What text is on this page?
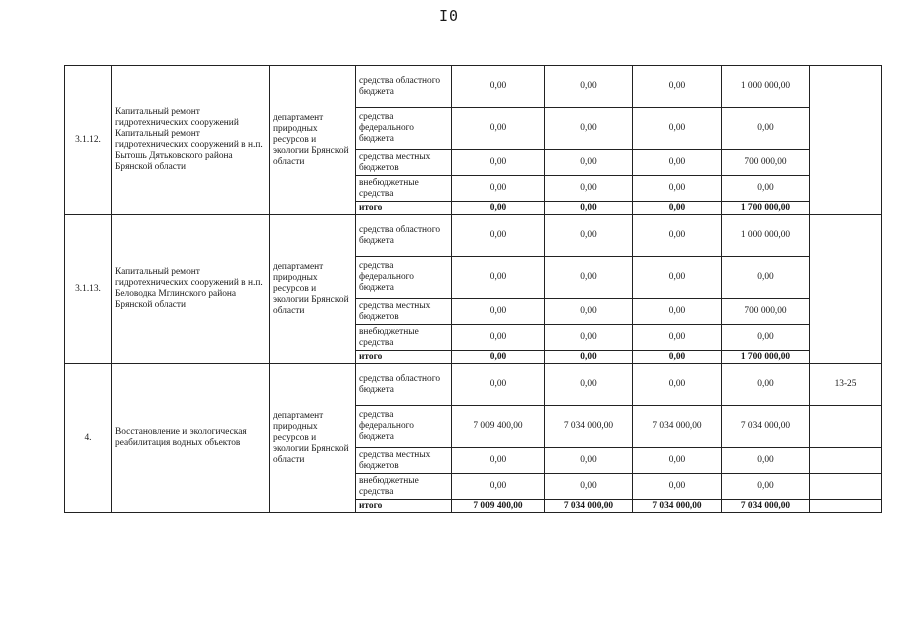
I0
3.1.12.	Капитальный ремонт гидротехнических сооружений Капитальный ремонт гидротехнических сооружений в н.п. Бытошь Дятьковского района Брянской области	департамент природных ресурсов и экологии Брянской области	средства областного бюджета	0,00	0,00	0,00	1 000 000,00	
			средства федерального бюджета	0,00	0,00	0,00	0,00	
			средства местных бюджетов	0,00	0,00	0,00	700 000,00	
			внебюджетные средства	0,00	0,00	0,00	0,00	
			итого	0,00	0,00	0,00	1 700 000,00	
3.1.13.	Капитальный ремонт гидротехнических сооружений в н.п. Беловодка Мглинского района Брянской области	департамент природных ресурсов и экологии Брянской области	средства областного бюджета	0,00	0,00	0,00	1 000 000,00	
			средства федерального бюджета	0,00	0,00	0,00	0,00	
			средства местных бюджетов	0,00	0,00	0,00	700 000,00	
			внебюджетные средства	0,00	0,00	0,00	0,00	
			итого	0,00	0,00	0,00	1 700 000,00	
4.	Восстановление и экологическая реабилитация водных объектов	департамент природных ресурсов и экологии Брянской области	средства областного бюджета	0,00	0,00	0,00	0,00	13-25
			средства федерального бюджета	7 009 400,00	7 034 000,00	7 034 000,00	7 034 000,00	
			средства местных бюджетов	0,00	0,00	0,00	0,00	
			внебюджетные средства	0,00	0,00	0,00	0,00	
			итого	7 009 400,00	7 034 000,00	7 034 000,00	7 034 000,00	
